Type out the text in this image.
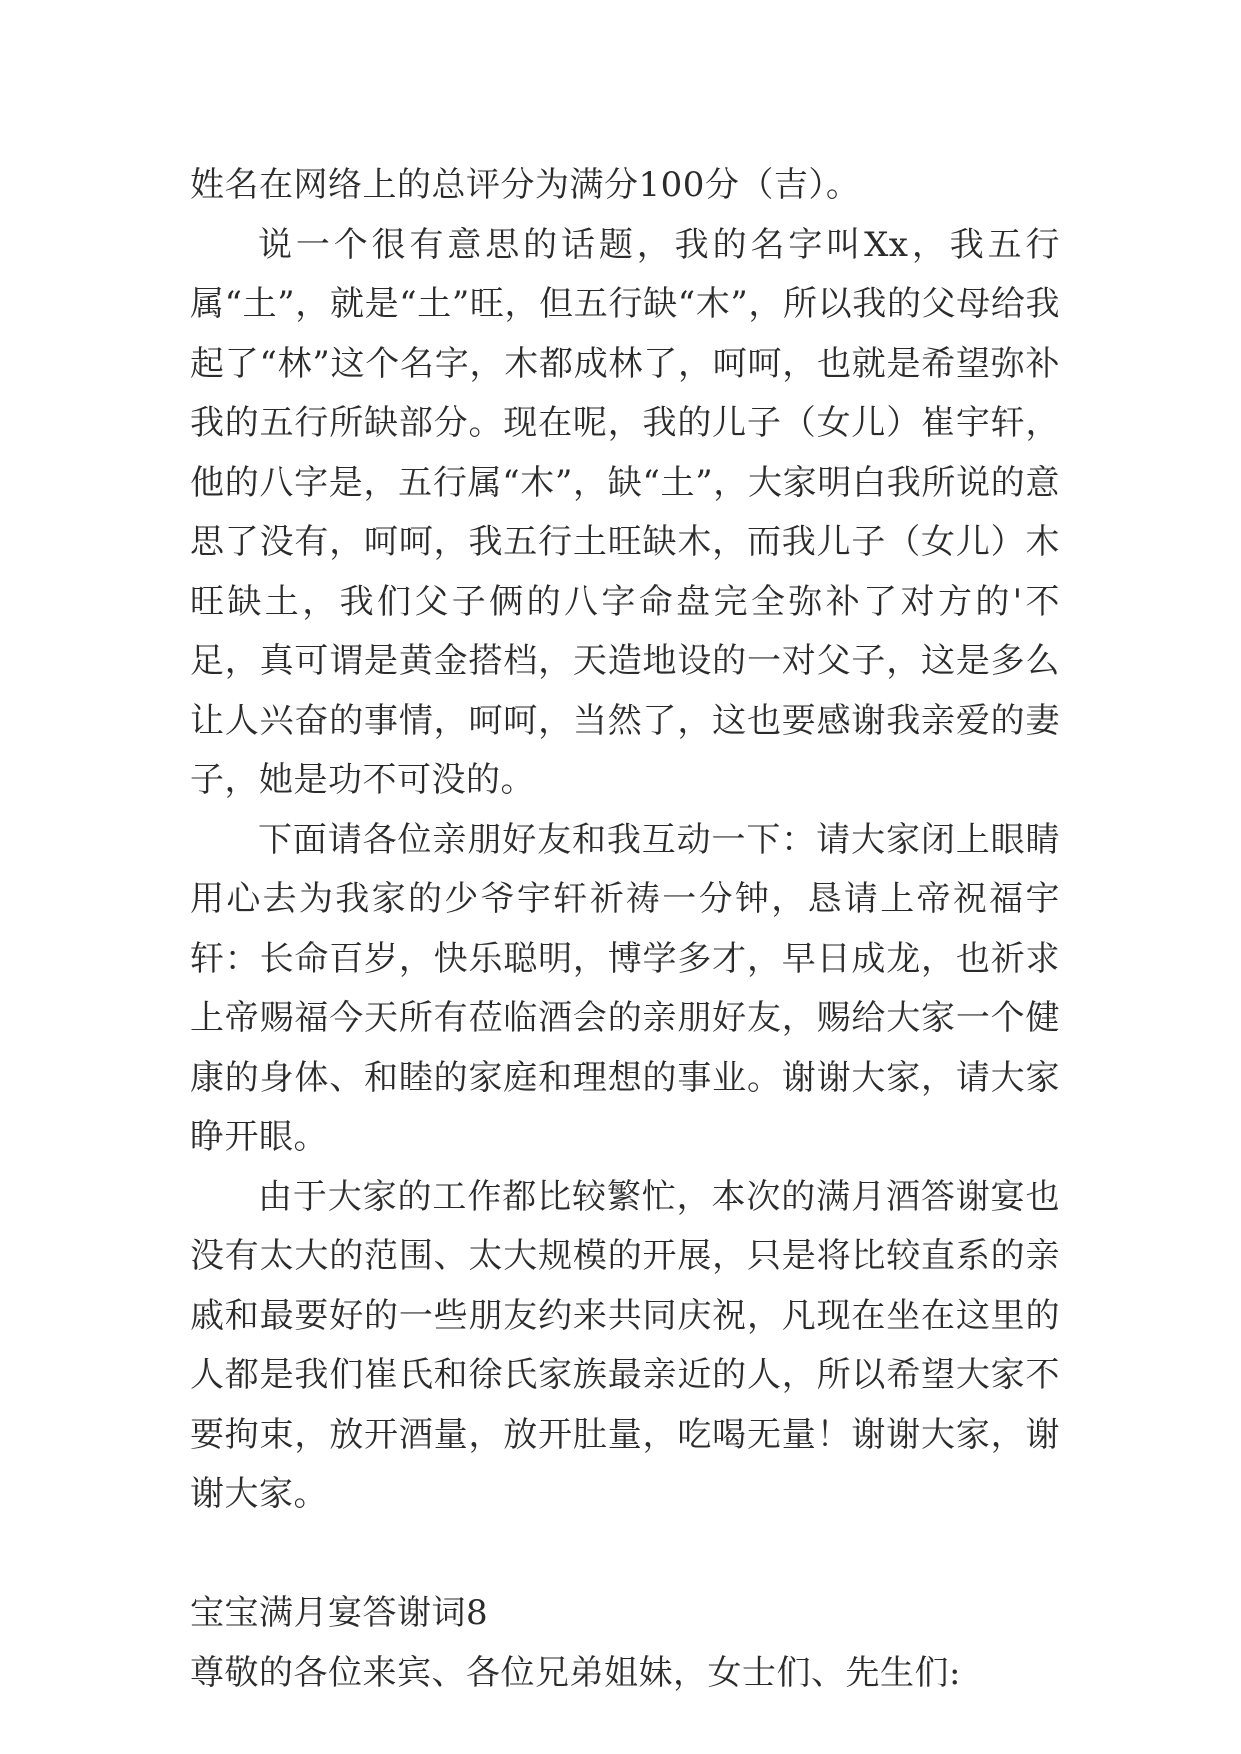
姓名在网络上的总评分为满分100分（吉）。

说一个很有意思的话题，我的名字叫Xx，我五行属“土”，就是“土”旺，但五行缺“木”，所以我的父母给我起了“林”这个名字，木都成林了，呵呵，也就是希望弥补我的五行所缺部分。现在呢，我的儿子（女儿）崔宇轩，他的八字是，五行属“木”，缺“土”，大家明白我所说的意思了没有，呵呵，我五行土旺缺木，而我儿子（女儿）木旺缺土，我们父子俩的八字命盘完全弥补了对方的'不足，真可谓是黄金搭档，天造地设的一对父子，这是多么让人兴奋的事情，呵呵，当然了，这也要感谢我亲爱的妻子，她是功不可没的。

下面请各位亲朋好友和我互动一下：请大家闭上眼睛用心去为我家的少爷宇轩祈祷一分钟，恳请上帝祝福宇轩：长命百岁，快乐聪明，博学多才，早日成龙，也祈求上帝赐福今天所有莅临酒会的亲朋好友，赐给大家一个健康的身体、和睦的家庭和理想的事业。谢谢大家，请大家睁开眼。

由于大家的工作都比较繁忙，本次的满月酒答谢宴也没有太大的范围、太大规模的开展，只是将比较直系的亲戚和最要好的一些朋友约来共同庆祝，凡现在坐在这里的人都是我们崔氏和徐氏家族最亲近的人，所以希望大家不要拘束，放开酒量，放开肚量，吃喝无量！谢谢大家，谢谢大家。

宝宝满月宴答谢词8

尊敬的各位来宾、各位兄弟姐妹，女士们、先生们:
